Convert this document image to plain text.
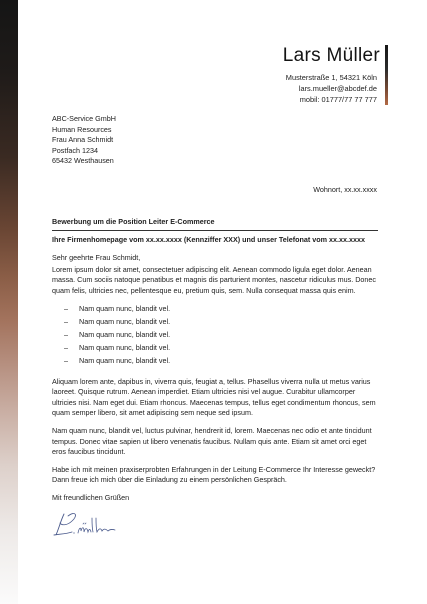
Lars Müller
Musterstraße 1, 54321 Köln
lars.mueller@abcdef.de
mobil: 01777/77 77 777
ABC-Service GmbH
Human Resources
Frau Anna Schmidt
Postfach 1234
65432 Westhausen
Wohnort, xx.xx.xxxx
Bewerbung um die Position Leiter E-Commerce
Ihre Firmenhomepage vom xx.xx.xxxx (Kennziffer XXX) und unser Telefonat vom xx.xx.xxxx
Sehr geehrte Frau Schmidt,

Lorem ipsum dolor sit amet, consectetuer adipiscing elit. Aenean commodo ligula eget dolor. Aenean massa. Cum sociis natoque penatibus et magnis dis parturient montes, nascetur ridiculus mus. Donec quam felis, ultricies nec, pellentesque eu, pretium quis, sem. Nulla consequat massa quis enim.

– Nam quam nunc, blandit vel.
– Nam quam nunc, blandit vel.
– Nam quam nunc, blandit vel.
– Nam quam nunc, blandit vel.
– Nam quam nunc, blandit vel.

Aliquam lorem ante, dapibus in, viverra quis, feugiat a, tellus. Phasellus viverra nulla ut metus varius laoreet. Quisque rutrum. Aenean imperdiet. Etiam ultricies nisi vel augue. Curabitur ullamcorper ultricies nisi. Nam eget dui. Etiam rhoncus. Maecenas tempus, tellus eget condimentum rhoncus, sem quam semper libero, sit amet adipiscing sem neque sed ipsum.

Nam quam nunc, blandit vel, luctus pulvinar, hendrerit id, lorem. Maecenas nec odio et ante tincidunt tempus. Donec vitae sapien ut libero venenatis faucibus. Nullam quis ante. Etiam sit amet orci eget eros faucibus tincidunt.

Habe ich mit meinen praxiserprobten Erfahrungen in der Leitung E-Commerce Ihr Interesse geweckt? Dann freue ich mich über die Einladung zu einem persönlichen Gespräch.

Mit freundlichen Grüßen
